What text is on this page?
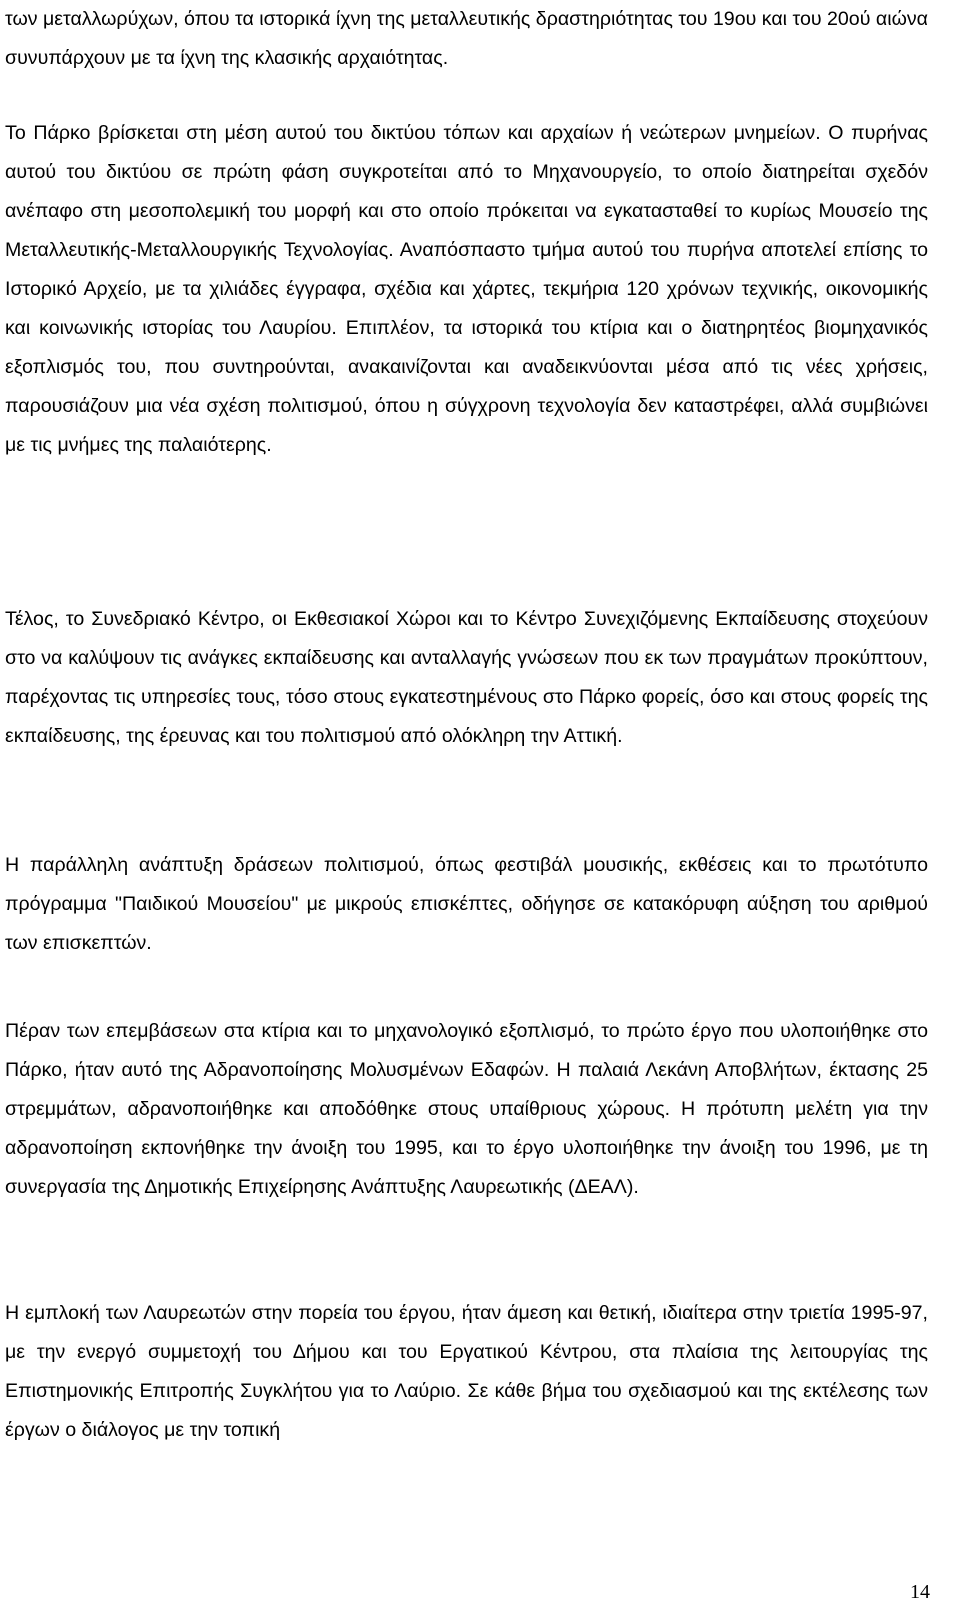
των μεταλλωρύχων, όπου τα ιστορικά ίχνη της μεταλλευτικής δραστηριότητας του 19ου και του 20ού αιώνα συνυπάρχουν με τα ίχνη της κλασικής αρχαιότητας.

Το Πάρκο βρίσκεται στη μέση αυτού του δικτύου τόπων και αρχαίων ή νεώτερων μνημείων. Ο πυρήνας αυτού του δικτύου σε πρώτη φάση συγκροτείται από το Μηχανουργείο, το οποίο διατηρείται σχεδόν ανέπαφο στη μεσοπολεμική του μορφή και στο οποίο πρόκειται να εγκατασταθεί το κυρίως Μουσείο της Μεταλλευτικής-Μεταλλουργικής Τεχνολογίας. Αναπόσπαστο τμήμα αυτού του πυρήνα αποτελεί επίσης το Ιστορικό Αρχείο, με τα χιλιάδες έγγραφα, σχέδια και χάρτες, τεκμήρια 120 χρόνων τεχνικής, οικονομικής και κοινωνικής ιστορίας του Λαυρίου. Επιπλέον, τα ιστορικά του κτίρια και ο διατηρητέος βιομηχανικός εξοπλισμός του, που συντηρούνται, ανακαινίζονται και αναδεικνύονται μέσα από τις νέες χρήσεις, παρουσιάζουν μια νέα σχέση πολιτισμού, όπου η σύγχρονη τεχνολογία δεν καταστρέφει, αλλά συμβιώνει με τις μνήμες της παλαιότερης.

Τέλος, το Συνεδριακό Κέντρο, οι Εκθεσιακοί Χώροι και το Κέντρο Συνεχιζόμενης Εκπαίδευσης στοχεύουν στο να καλύψουν τις ανάγκες εκπαίδευσης και ανταλλαγής γνώσεων που εκ των πραγμάτων προκύπτουν, παρέχοντας τις υπηρεσίες τους, τόσο στους εγκατεστημένους στο Πάρκο φορείς, όσο και στους φορείς της εκπαίδευσης, της έρευνας και του πολιτισμού από ολόκληρη την Αττική.

Η παράλληλη ανάπτυξη δράσεων πολιτισμού, όπως φεστιβάλ μουσικής, εκθέσεις και το πρωτότυπο πρόγραμμα "Παιδικού Μουσείου" με μικρούς επισκέπτες, οδήγησε σε κατακόρυφη αύξηση του αριθμού των επισκεπτών.

Πέραν των επεμβάσεων στα κτίρια και το μηχανολογικό εξοπλισμό, το πρώτο έργο που υλοποιήθηκε στο Πάρκο, ήταν αυτό της Αδρανοποίησης Μολυσμένων Εδαφών. Η παλαιά Λεκάνη Αποβλήτων, έκτασης 25 στρεμμάτων, αδρανοποιήθηκε και αποδόθηκε στους υπαίθριους χώρους. Η πρότυπη μελέτη για την αδρανοποίηση εκπονήθηκε την άνοιξη του 1995, και το έργο υλοποιήθηκε την άνοιξη του 1996, με τη συνεργασία της Δημοτικής Επιχείρησης Ανάπτυξης Λαυρεωτικής (ΔΕΑΛ).

Η εμπλοκή των Λαυρεωτών στην πορεία του έργου, ήταν άμεση και θετική, ιδιαίτερα στην τριετία 1995-97, με την ενεργό συμμετοχή του Δήμου και του Εργατικού Κέντρου, στα πλαίσια της λειτουργίας της Επιστημονικής Επιτροπής Συγκλήτου για το Λαύριο. Σε κάθε βήμα του σχεδιασμού και της εκτέλεσης των έργων ο διάλογος με την τοπική

14
